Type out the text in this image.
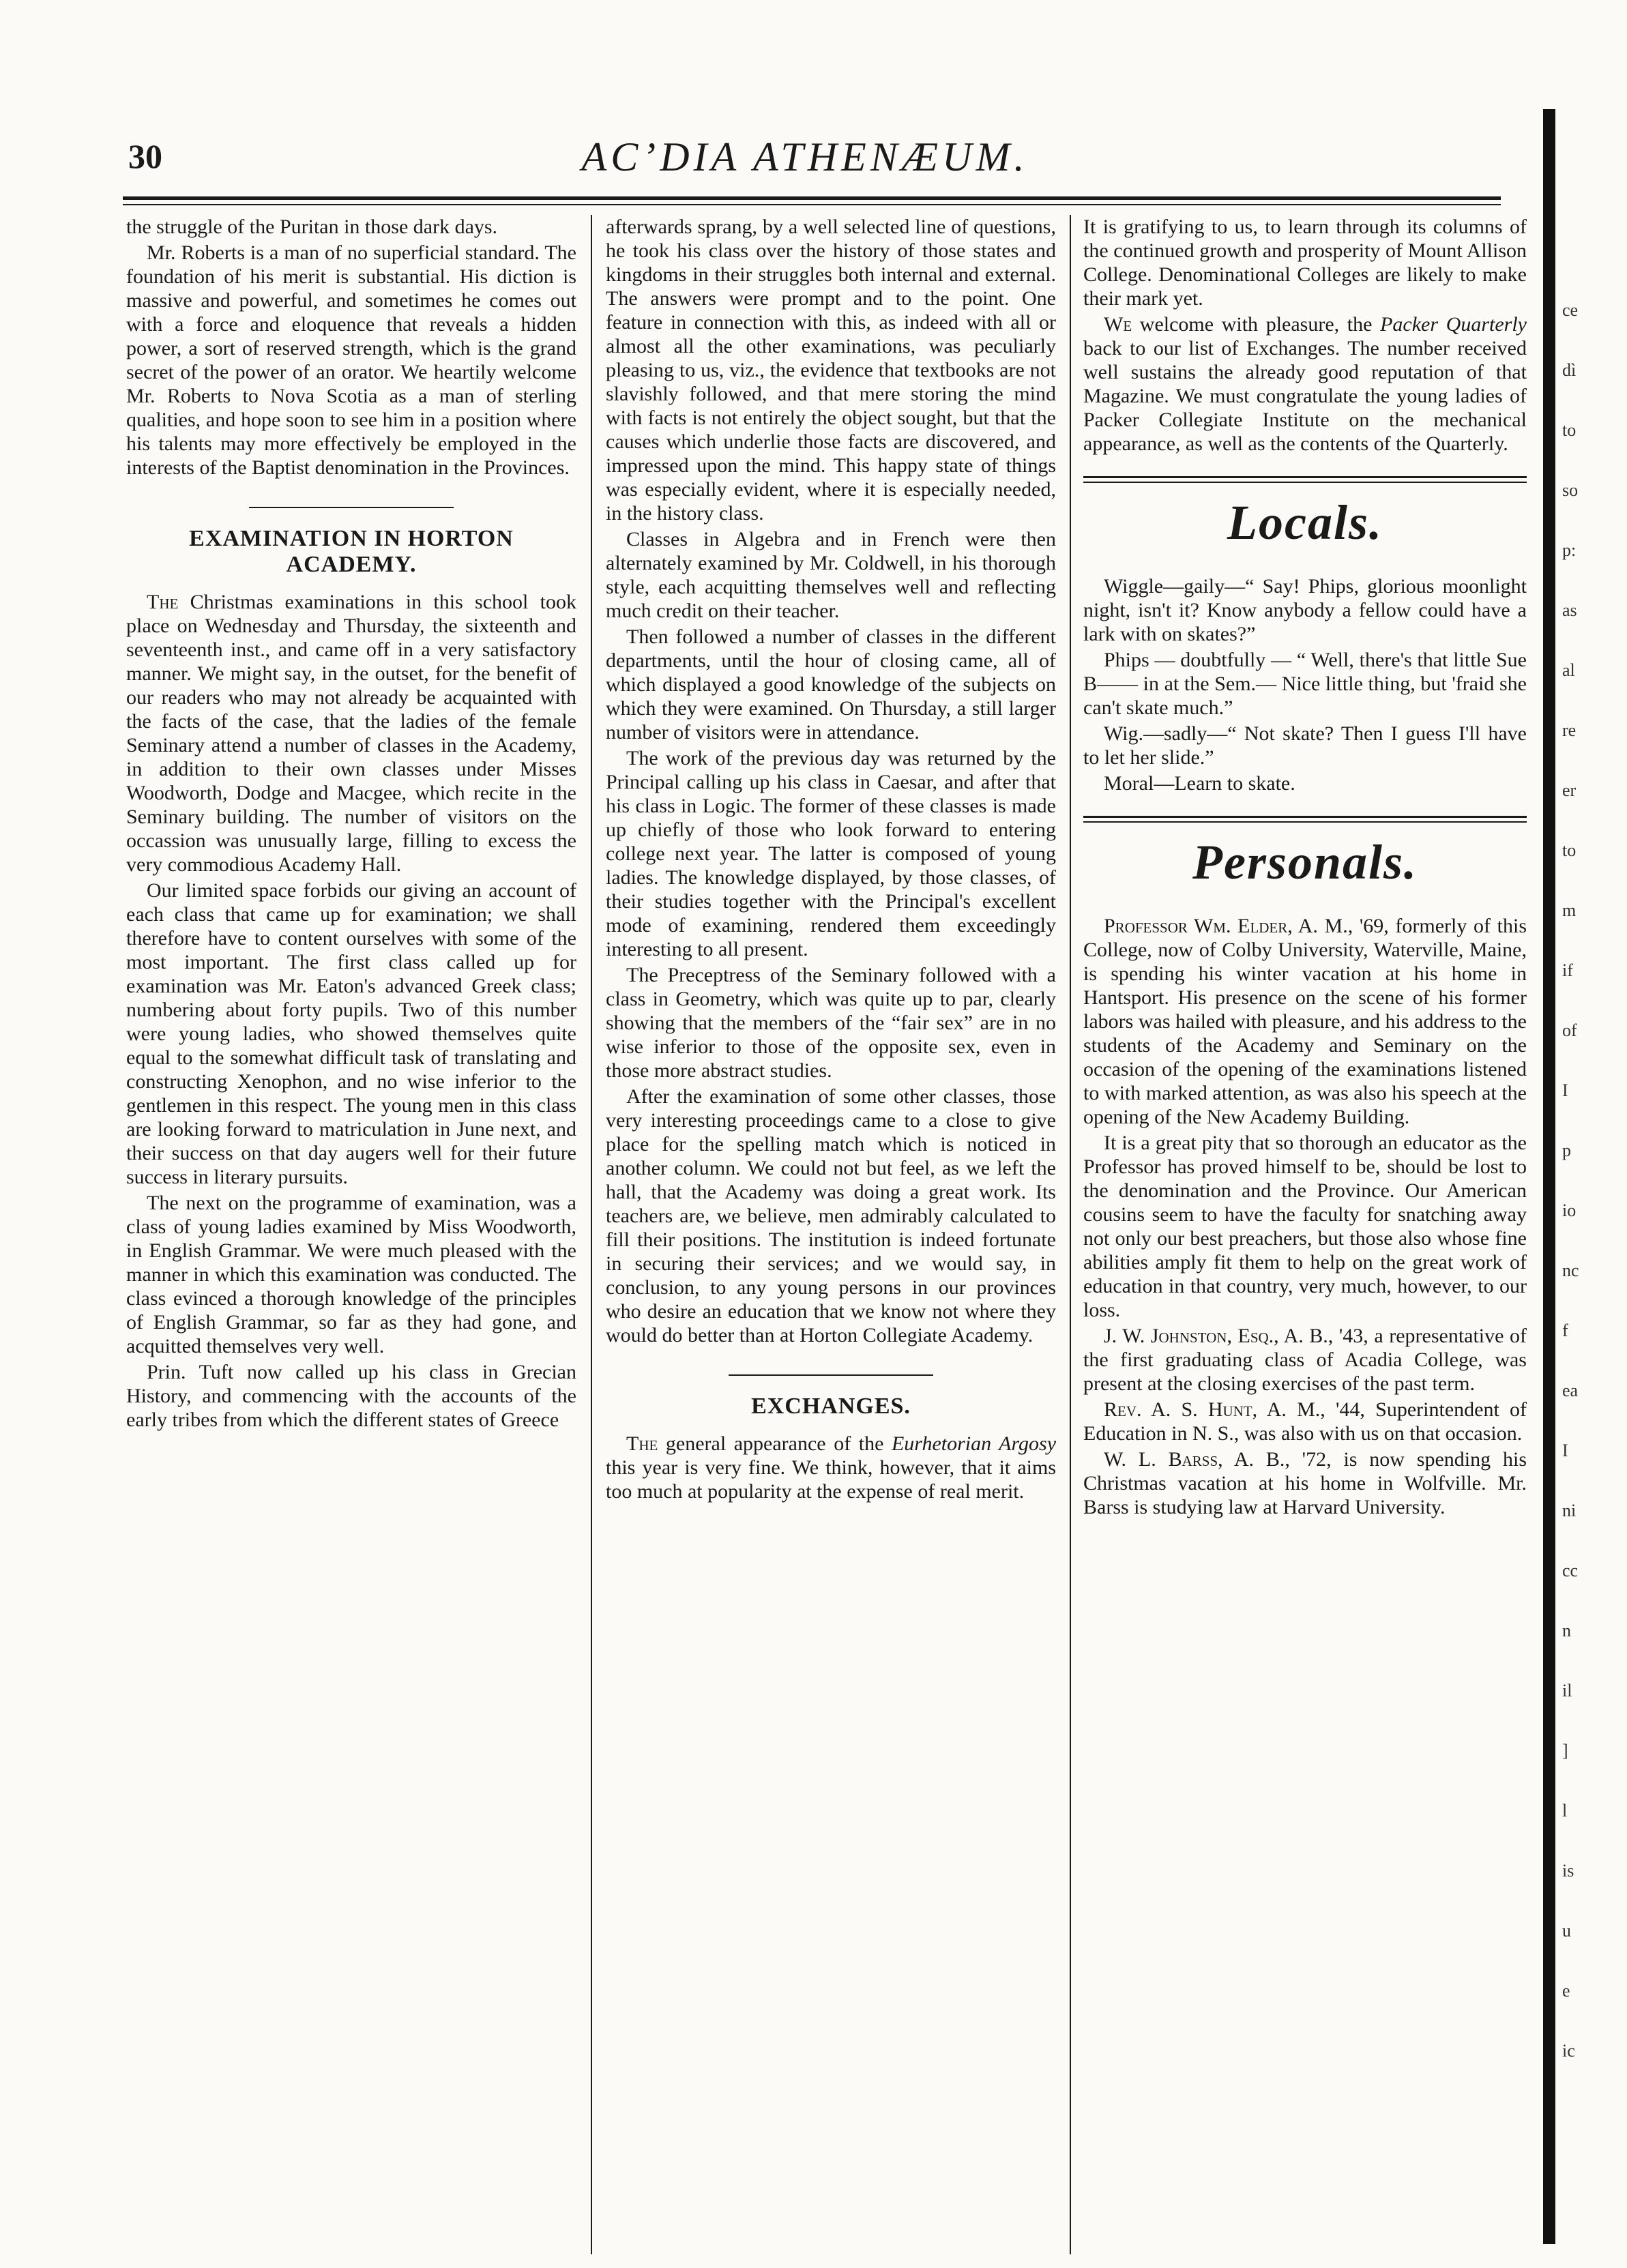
30	AC’DIA ATHENÆUM.

the struggle of the Puritan in those dark days.

Mr. Roberts is a man of no superficial standard. The foundation of his merit is substantial. His diction is massive and powerful, and sometimes he comes out with a force and eloquence that reveals a hidden power, a sort of reserved strength, which is the grand secret of the power of an orator. We heartily welcome Mr. Roberts to Nova Scotia as a man of sterling qualities, and hope soon to see him in a position where his talents may more effectively be employed in the interests of the Baptist denomination in the Provinces.

EXAMINATION IN HORTON
ACADEMY.

The Christmas examinations in this school took place on Wednesday and Thursday, the sixteenth and seventeenth inst., and came off in a very satisfactory manner. We might say, in the outset, for the benefit of our readers who may not already be acquainted with the facts of the case, that the ladies of the female Seminary attend a number of classes in the Academy, in addition to their own classes under Misses Woodworth, Dodge and Macgee, which recite in the Seminary building. The number of visitors on the occassion was unusually large, filling to excess the very commodious Academy Hall.

Our limited space forbids our giving an account of each class that came up for examination; we shall therefore have to content ourselves with some of the most important. The first class called up for examination was Mr. Eaton's advanced Greek class; numbering about forty pupils. Two of this number were young ladies, who showed themselves quite equal to the somewhat difficult task of translating and constructing Xenophon, and no wise inferior to the gentlemen in this respect. The young men in this class are looking forward to matriculation in June next, and their success on that day augers well for their future success in literary pursuits.

The next on the programme of examination, was a class of young ladies examined by Miss Woodworth, in English Grammar. We were much pleased with the manner in which this examination was conducted. The class evinced a thorough knowledge of the principles of English Grammar, so far as they had gone, and acquitted themselves very well.

Prin. Tuft now called up his class in Grecian History, and commencing with the accounts of the early tribes from which the different states of Greece

afterwards sprang, by a well selected line of questions, he took his class over the history of those states and kingdoms in their struggles both internal and external. The answers were prompt and to the point. One feature in connection with this, as indeed with all or almost all the other examinations, was peculiarly pleasing to us, viz., the evidence that textbooks are not slavishly followed, and that mere storing the mind with facts is not entirely the object sought, but that the causes which underlie those facts are discovered, and impressed upon the mind. This happy state of things was especially evident, where it is especially needed, in the history class.

Classes in Algebra and in French were then alternately examined by Mr. Coldwell, in his thorough style, each acquitting themselves well and reflecting much credit on their teacher.

Then followed a number of classes in the different departments, until the hour of closing came, all of which displayed a good knowledge of the subjects on which they were examined. On Thursday, a still larger number of visitors were in attendance.

The work of the previous day was returned by the Principal calling up his class in Caesar, and after that his class in Logic. The former of these classes is made up chiefly of those who look forward to entering college next year. The latter is composed of young ladies. The knowledge displayed, by those classes, of their studies together with the Principal's excellent mode of examining, rendered them exceedingly interesting to all present.

The Preceptress of the Seminary followed with a class in Geometry, which was quite up to par, clearly showing that the members of the “fair sex” are in no wise inferior to those of the opposite sex, even in those more abstract studies.

After the examination of some other classes, those very interesting proceedings came to a close to give place for the spelling match which is noticed in another column. We could not but feel, as we left the hall, that the Academy was doing a great work. Its teachers are, we believe, men admirably calculated to fill their positions. The institution is indeed fortunate in securing their services; and we would say, in conclusion, to any young persons in our provinces who desire an education that we know not where they would do better than at Horton Collegiate Academy.

EXCHANGES.

The general appearance of the Eurhetorian Argosy this year is very fine. We think, however, that it aims too much at popularity at the expense of real merit.

It is gratifying to us, to learn through its columns of the continued growth and prosperity of Mount Allison College. Denominational Colleges are likely to make their mark yet.

We welcome with pleasure, the Packer Quarterly back to our list of Exchanges. The number received well sustains the already good reputation of that Magazine. We must congratulate the young ladies of Packer Collegiate Institute on the mechanical appearance, as well as the contents of the Quarterly.

Locals.

Wiggle—gaily—“ Say! Phips, glorious moonlight night, isn't it? Know anybody a fellow could have a lark with on skates?”

Phips — doubtfully — “ Well, there's that little Sue B—— in at the Sem.— Nice little thing, but 'fraid she can't skate much.”

Wig.—sadly—“ Not skate? Then I guess I'll have to let her slide.”

Moral—Learn to skate.

Personals.

Professor Wm. Elder, A. M., '69, formerly of this College, now of Colby University, Waterville, Maine, is spending his winter vacation at his home in Hantsport. His presence on the scene of his former labors was hailed with pleasure, and his address to the students of the Academy and Seminary on the occasion of the opening of the examinations listened to with marked attention, as was also his speech at the opening of the New Academy Building.

It is a great pity that so thorough an educator as the Professor has proved himself to be, should be lost to the denomination and the Province. Our American cousins seem to have the faculty for snatching away not only our best preachers, but those also whose fine abilities amply fit them to help on the great work of education in that country, very much, however, to our loss.

J. W. Johnston, Esq., A. B., '43, a representative of the first graduating class of Acadia College, was present at the closing exercises of the past term.

Rev. A. S. Hunt, A. M., '44, Superintendent of Education in N. S., was also with us on that occasion.

W. L. Barss, A. B., '72, is now spending his Christmas vacation at his home in Wolfville. Mr. Barss is studying law at Harvard University.

ce
dì
to
so
p:
as
al
re
er
to
m
if
of
I
p
io
nc
f
ea
I
ni
cc
n
il
]
l
is
u
e
ic
